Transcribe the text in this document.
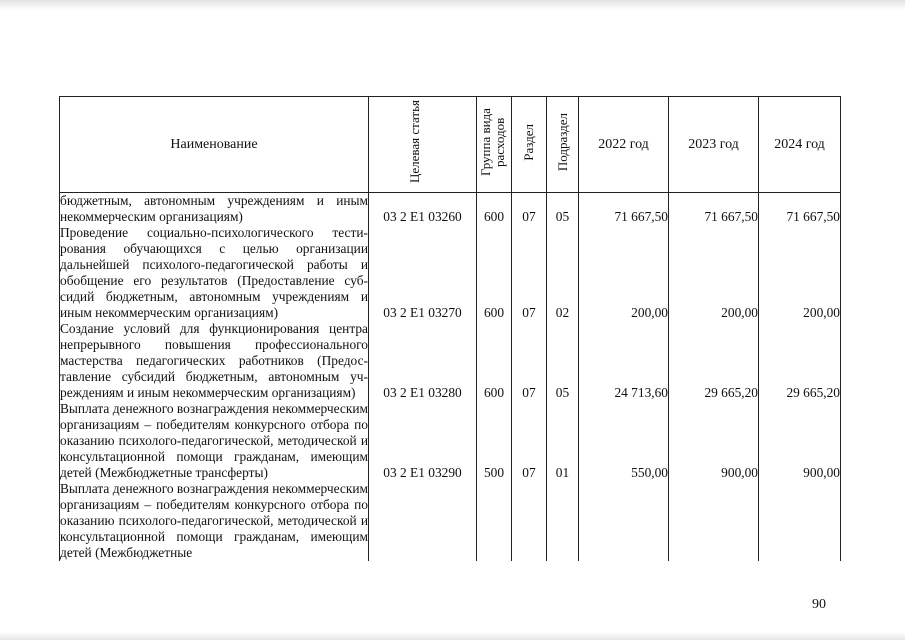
Наименование	Целевая статья	Группа вида расходов	Раздел	Подраздел	2022 год	2023 год	2024 год
бюджетным, автономным учреждениям и иным некоммерческим организациям)	03 2 Е1 03260	600	07	05	71 667,50	71 667,50	71 667,50
Проведение социально-психологического тестирования обучающихся с целью организации дальнейшей психолого-педагогической работы и обобщение его результатов (Предоставление субсидий бюджетным, автономным учреждениям и иным некоммерческим организациям)	03 2 Е1 03270	600	07	02	200,00	200,00	200,00
Создание условий для функционирования центра непрерывного повышения профессионального мастерства педагогических работников (Предоставление субсидий бюджетным, автономным учреждениям и иным некоммерческим организациям)	03 2 Е1 03280	600	07	05	24 713,60	29 665,20	29 665,20
Выплата денежного вознаграждения некоммерческим организациям – победителям конкурсного отбора по оказанию психолого-педагогической, методической и консультационной помощи гражданам, имеющим детей (Межбюджетные трансферты)	03 2 Е1 03290	500	07	01	550,00	900,00	900,00
Выплата денежного вознаграждения некоммерческим организациям – победителям конкурсного отбора по оказанию психолого-педагогической, методической и консультационной помощи гражданам, имеющим детей (Межбюджетные							
90
